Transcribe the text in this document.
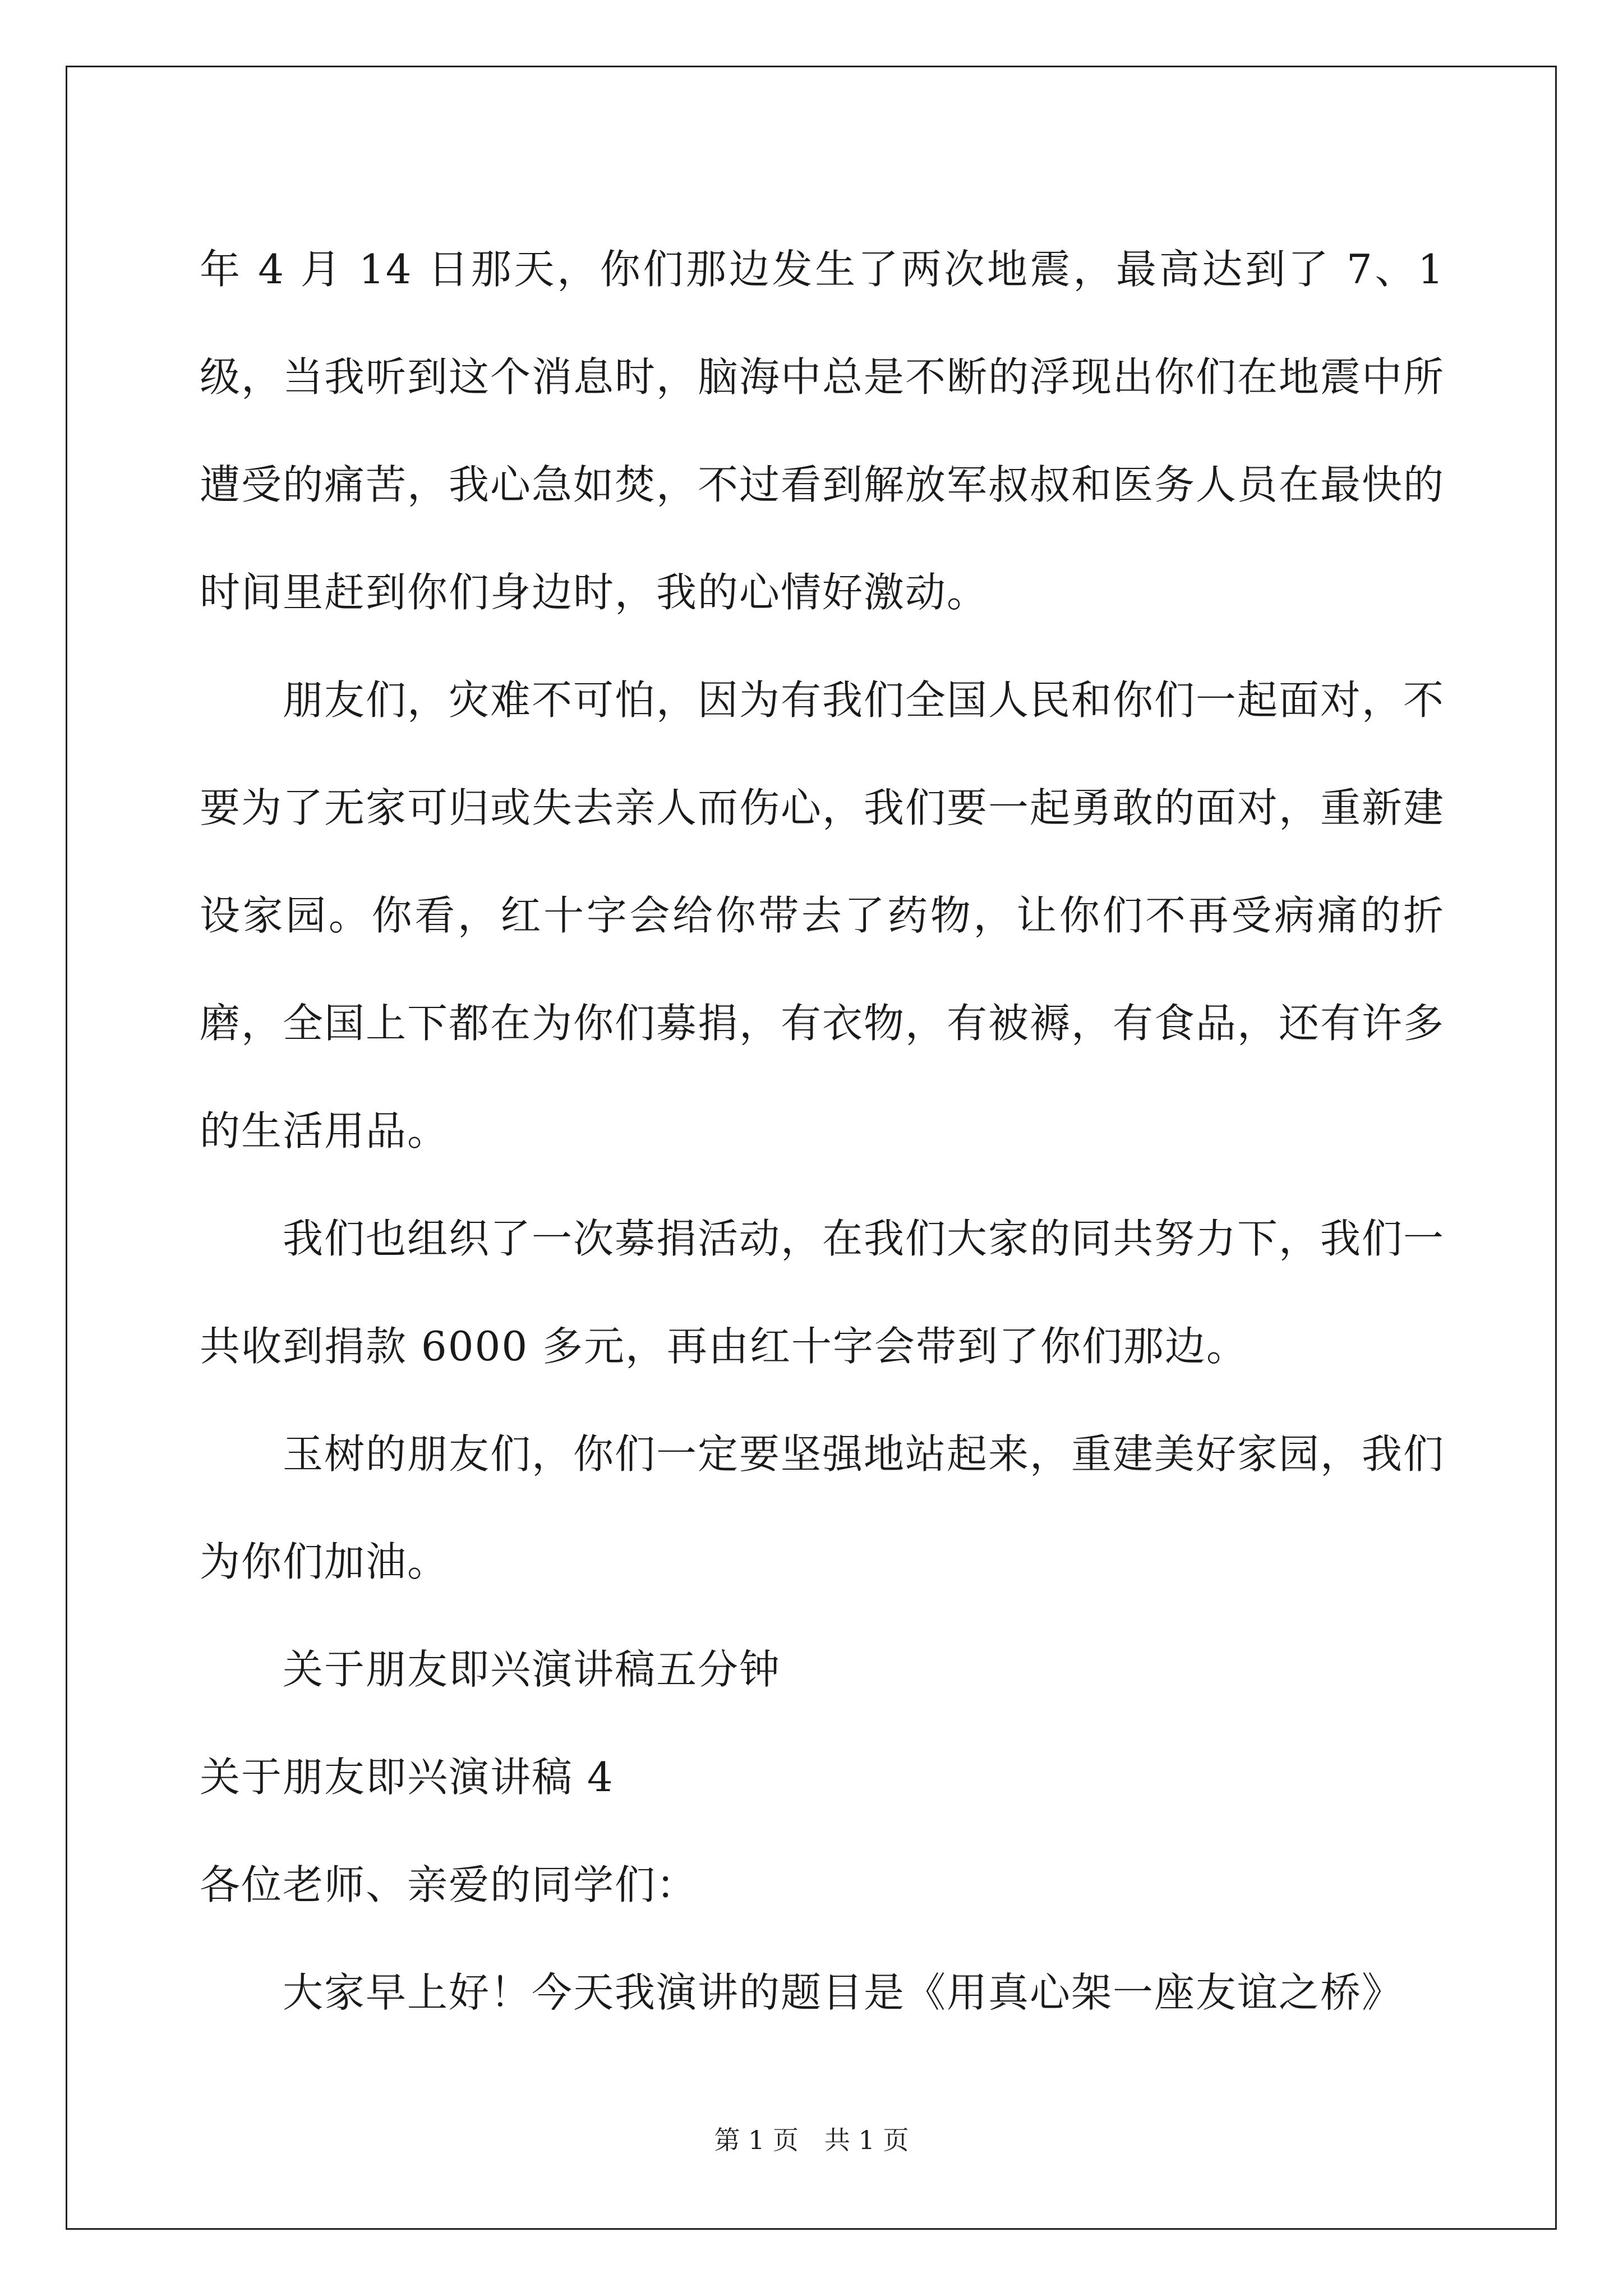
年 4 月 14 日那天，你们那边发生了两次地震，最高达到了 7、1 级，当我听到这个消息时，脑海中总是不断的浮现出你们在地震中所遭受的痛苦，我心急如焚，不过看到解放军叔叔和医务人员在最快的时间里赶到你们身边时，我的心情好激动。

朋友们，灾难不可怕，因为有我们全国人民和你们一起面对，不要为了无家可归或失去亲人而伤心，我们要一起勇敢的面对，重新建设家园。你看，红十字会给你带去了药物，让你们不再受病痛的折磨，全国上下都在为你们募捐，有衣物，有被褥，有食品，还有许多的生活用品。

我们也组织了一次募捐活动，在我们大家的同共努力下，我们一共收到捐款 6000 多元，再由红十字会带到了你们那边。

玉树的朋友们，你们一定要坚强地站起来，重建美好家园，我们为你们加油。

关于朋友即兴演讲稿五分钟

关于朋友即兴演讲稿 4

各位老师、亲爱的同学们：

大家早上好！今天我演讲的题目是《用真心架一座友谊之桥》

第 1 页 共 1 页
